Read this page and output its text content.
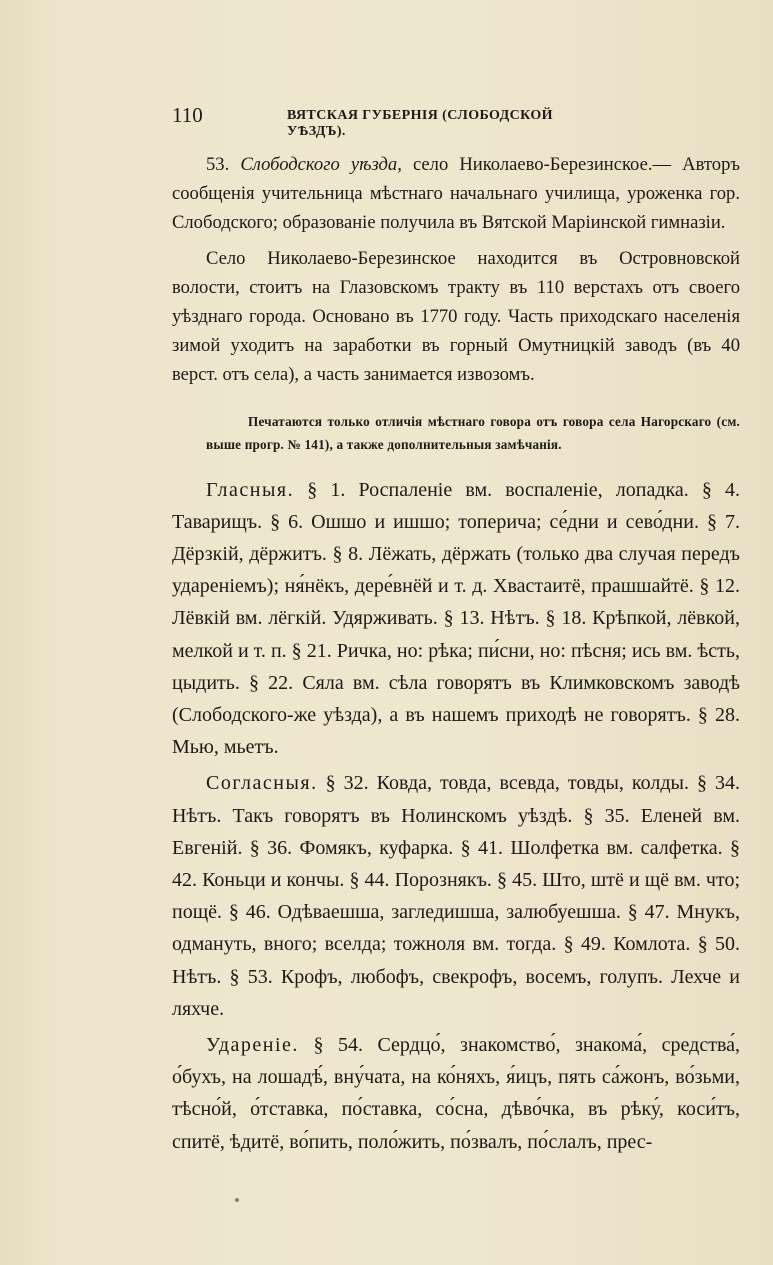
110	ВЯТСКАЯ ГУБЕРНІЯ (СЛОБОДСКОЙ УѢЗДЪ).

53. Слободского уѣзда, село Николаево-Березинское.— Авторъ сообщенія учительница мѣстнаго начальнаго училища, уроженка гор. Слободского; образованіе получила въ Вятской Маріинской гимназіи.

Село Николаево-Березинское находится въ Островновской волости, стоитъ на Глазовскомъ тракту въ 110 верстахъ отъ своего уѣзднаго города. Основано въ 1770 году. Часть приходскаго населенія зимой уходитъ на заработки въ горный Омутницкій заводъ (въ 40 верст. отъ села), а часть занимается извозомъ.

Печатаются только отличія мѣстнаго говора отъ говора села Нагорскаго (см. выше прогр. № 141), а также дополнительныя замѣчанія.

Гласныя. § 1. Роспаленіе вм. воспаленіе, лопадка. § 4. Таварищъ. § 6. Ошшо и ишшо; топерича; се́дни и сево́дни. § 7. Дёрзкій, дёржитъ. § 8. Лёжать, дёржать (только два случая передъ удареніемъ); ня́нёкъ, дере́внёй и т. д. Хвастаитё, прашшайтё. § 12. Лёвкій вм. лёгкій. Удярживать. § 13. Нѣтъ. § 18. Крѣпкой, лёвкой, мелкой и т. п. § 21. Ричка, но: рѣка; пи́сни, но: пѣсня; ись вм. ѣсть, цыдить. § 22. Сяла вм. сѣла говорятъ въ Климковскомъ заводѣ (Слободского-же уѣзда), а въ нашемъ приходѣ не говорятъ. § 28. Мью, мьетъ.

Согласныя. § 32. Ковда, товда, всевда, товды, колды. § 34. Нѣтъ. Такъ говорятъ въ Нолинскомъ уѣздѣ. § 35. Еленей вм. Евгеній. § 36. Фомякъ, куфарка. § 41. Шолфетка вм. салфетка. § 42. Коньци и кончы. § 44. Порознякъ. § 45. Што, штё и щё вм. что; пощё. § 46. Одѣваешша, загледишша, залюбуешша. § 47. Мнукъ, одмануть, вного; вселда; тожноля вм. тогда. § 49. Комлота. § 50. Нѣтъ. § 53. Крофъ, любофъ, свекрофъ, восемъ, голупъ. Лехче и ляхче.

Удареніе. § 54. Сердцо́, знакомство́, знакома́, средства́, о́бухъ, на лошадѣ́, вну́чата, на ко́няхъ, я́ицъ, пять са́жонъ, во́зьми, тѣсно́й, о́тставка, по́ставка, со́сна, дѣво́чка, въ рѣку́, коси́тъ, спитё, ѣдитё, во́пить, поло́жить, по́звалъ, по́слалъ, прес-
